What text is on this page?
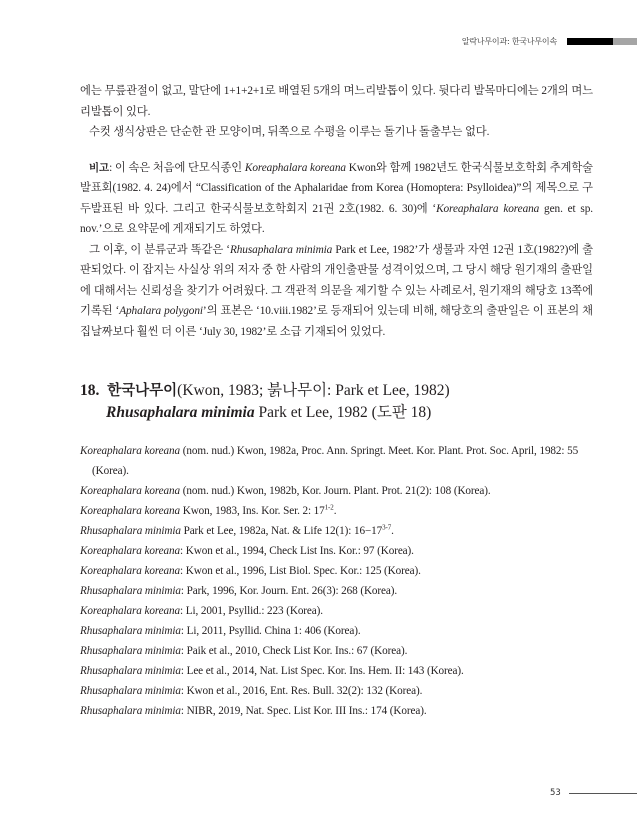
알락나무이과: 한국나무이속

에는 무릎관절이 없고, 말단에 1+1+2+1로 배열된 5개의 며느리발톱이 있다. 뒷다리 발목마디에는 2개의 며느리발톱이 있다.

수컷 생식상판은 단순한 관 모양이며, 뒤쪽으로 수평을 이루는 돌기나 돌출부는 없다.

비고: 이 속은 처음에 단모식종인 Koreaphalara koreana Kwon와 함께 1982년도 한국식물보호학회 추계학술발표회(1982. 4. 24)에서 “Classification of the Aphalaridae from Korea (Homoptera: Psylloidea)”의 제목으로 구두발표된 바 있다. 그리고 한국식물보호학회지 21권 2호(1982. 6. 30)에 ‘Koreaphalara koreana gen. et sp. nov.’으로 요약문에 게재되기도 하였다.

그 이후, 이 분류군과 똑같은 ‘Rhusaphalara minimia Park et Lee, 1982’가 생물과 자연 12권 1호(1982?)에 출판되었다. 이 잡지는 사실상 위의 저자 중 한 사람의 개인출판물 성격이었으며, 그 당시 해당 원기재의 출판일에 대해서는 신뢰성을 찾기가 어려웠다. 그 객관적 의문을 제기할 수 있는 사례로서, 원기재의 해당호 13쪽에 기록된 ‘Aphalara polygoni’의 표본은 ‘10.viii.1982’로 등재되어 있는데 비해, 해당호의 출판일은 이 표본의 채집날짜보다 훨씬 더 이른 ‘July 30, 1982’로 소급 기재되어 있었다.

18. 한국나무이(Kwon, 1983; 붉나무이: Park et Lee, 1982)
Rhusaphalara minimia Park et Lee, 1982 (도판 18)

Koreaphalara koreana (nom. nud.) Kwon, 1982a, Proc. Ann. Springt. Meet. Kor. Plant. Prot. Soc. April, 1982: 55 (Korea).

Koreaphalara koreana (nom. nud.) Kwon, 1982b, Kor. Journ. Plant. Prot. 21(2): 108 (Korea).

Koreaphalara koreana Kwon, 1983, Ins. Kor. Ser. 2: 17$^{1-2}$.

Rhusaphalara minimia Park et Lee, 1982a, Nat. & Life 12(1): $16-17^{3-7}$.

Koreaphalara koreana: Kwon et al., 1994, Check List Ins. Kor.: 97 (Korea).

Koreaphalara koreana: Kwon et al., 1996, List Biol. Spec. Kor.: 125 (Korea).

Rhusaphalara minimia: Park, 1996, Kor. Journ. Ent. 26(3): 268 (Korea).

Koreaphalara koreana: Li, 2001, Psyllid.: 223 (Korea).

Rhusaphalara minimia: Li, 2011, Psyllid. China 1: 406 (Korea).

Rhusaphalara minimia: Paik et al., 2010, Check List Kor. Ins.: 67 (Korea).

Rhusaphalara minimia: Lee et al., 2014, Nat. List Spec. Kor. Ins. Hem. II: 143 (Korea).

Rhusaphalara minimia: Kwon et al., 2016, Ent. Res. Bull. 32(2): 132 (Korea).

Rhusaphalara minimia: NIBR, 2019, Nat. Spec. List Kor. III Ins.: 174 (Korea).

53
